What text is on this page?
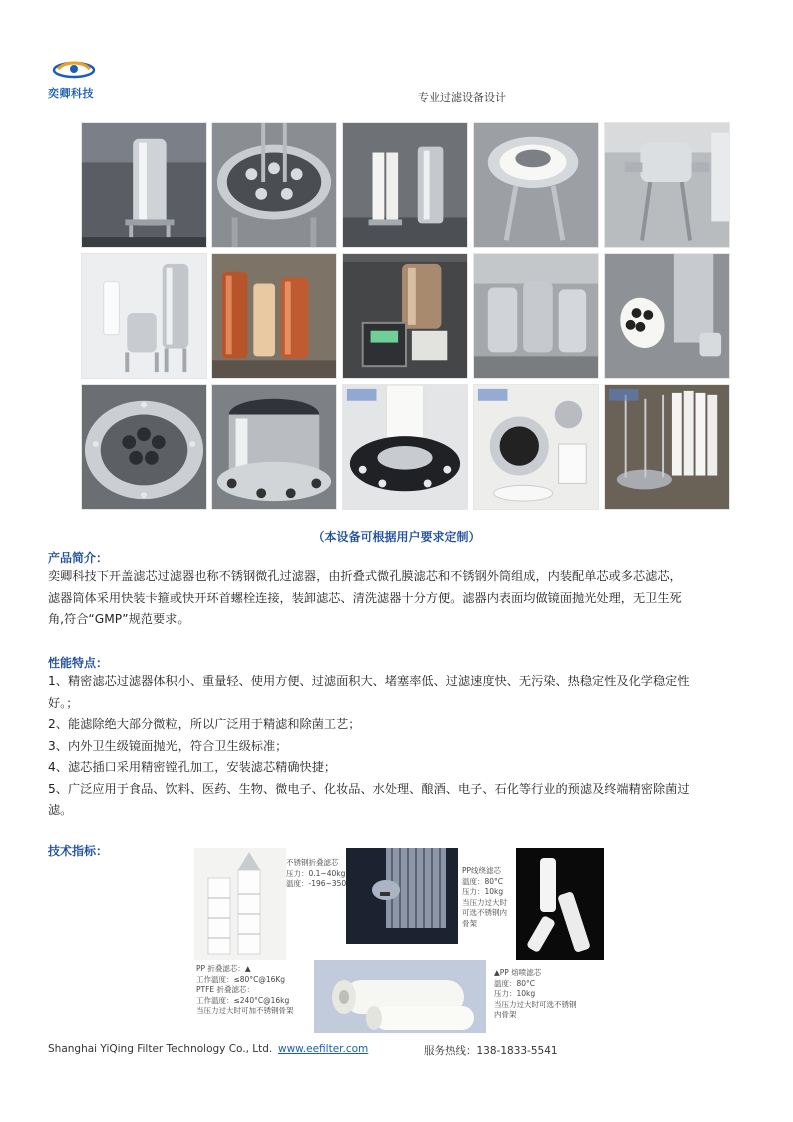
奕卿科技	专业过滤设备设计
（本设备可根据用户要求定制）
产品简介：
奕卿科技下开盖滤芯过滤器也称不锈钢微孔过滤器，由折叠式微孔膜滤芯和不锈钢外筒组成，内装配单芯或多芯滤芯，
滤器筒体采用快装卡箍或快开环首螺栓连接，装卸滤芯、清洗滤器十分方便。滤器内表面均做镜面抛光处理，无卫生死
角,符合“GMP”规范要求。
性能特点：
1、精密滤芯过滤器体积小、重量轻、使用方便、过滤面积大、堵塞率低、过滤速度快、无污染、热稳定性及化学稳定性
好。；
2、能滤除绝大部分微粒，所以广泛用于精滤和除菌工艺；
3、内外卫生级镜面抛光，符合卫生级标准；
4、滤芯插口采用精密镗孔加工，安装滤芯精确快捷；
5、广泛应用于食品、饮料、医药、生物、微电子、化妆品、水处理、酿酒、电子、石化等行业的预滤及终端精密除菌过
滤。
技术指标：
不锈钢折叠滤芯
压力：0.1~40kg
温度：-196~350
PP线绕滤芯
温度：80°C
压力：10kg
当压力过大时
可选不锈钢内
骨架
PP 折叠滤芯：▲
工作温度：≤80°C@16Kg
PTFE 折叠滤芯：
工作温度：≤240°C@16kg
当压力过大时可加不锈钢骨架
▲PP 熔喷滤芯
温度：80°C
压力：10kg
当压力过大时可选不锈钢
内骨架
Shanghai YiQing Filter Technology Co., Ltd. www.eefilter.com	服务热线：138-1833-5541
